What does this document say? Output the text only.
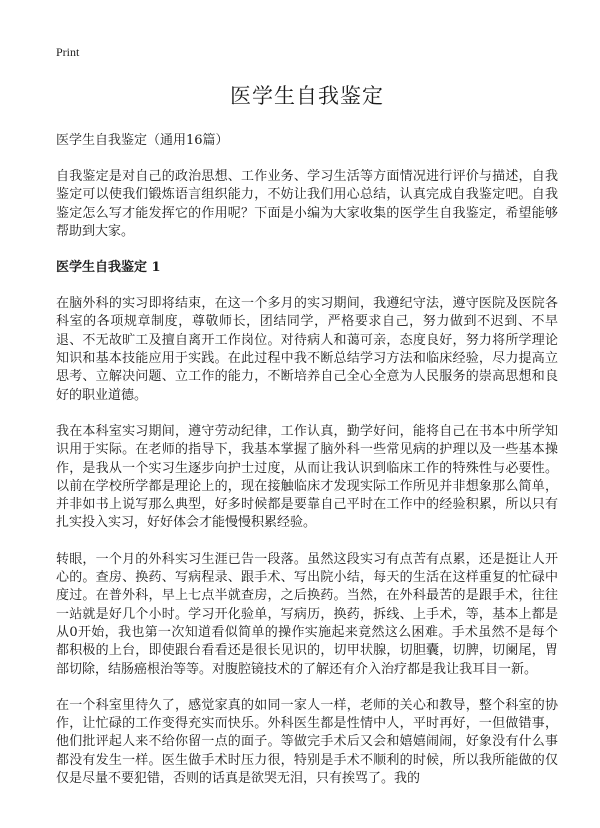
Print
医学生自我鉴定

医学生自我鉴定（通用16篇）

自我鉴定是对自己的政治思想、工作业务、学习生活等方面情况进行评价与描述，自我鉴定可以使我们锻炼语言组织能力，不妨让我们用心总结，认真完成自我鉴定吧。自我鉴定怎么写才能发挥它的作用呢？下面是小编为大家收集的医学生自我鉴定，希望能够帮助到大家。

医学生自我鉴定 1

在脑外科的实习即将结束，在这一个多月的实习期间，我遵纪守法，遵守医院及医院各科室的各项规章制度，尊敬师长，团结同学，严格要求自己，努力做到不迟到、不早退、不无故旷工及擅自离开工作岗位。对待病人和蔼可亲，态度良好，努力将所学理论知识和基本技能应用于实践。在此过程中我不断总结学习方法和临床经验，尽力提高立思考、立解决问题、立工作的能力，不断培养自己全心全意为人民服务的崇高思想和良好的职业道德。

我在本科室实习期间，遵守劳动纪律，工作认真，勤学好问，能将自己在书本中所学知识用于实际。在老师的指导下，我基本掌握了脑外科一些常见病的护理以及一些基本操作，是我从一个实习生逐步向护士过度，从而让我认识到临床工作的特殊性与必要性。以前在学校所学都是理论上的，现在接触临床才发现实际工作所见并非想象那么简单，并非如书上说写那么典型，好多时候都是要靠自己平时在工作中的经验积累，所以只有扎实投入实习，好好体会才能慢慢积累经验。

转眼，一个月的外科实习生涯已告一段落。虽然这段实习有点苦有点累，还是挺让人开心的。查房、换药、写病程录、跟手术、写出院小结，每天的生活在这样重复的忙碌中度过。在普外科，早上七点半就查房，之后换药。当然，在外科最苦的是跟手术，往往一站就是好几个小时。学习开化验单，写病历，换药，拆线、上手术，等，基本上都是从0开始，我也第一次知道看似简单的操作实施起来竟然这么困难。手术虽然不是每个都积极的上台，即使跟台看看还是很长见识的，切甲状腺，切胆囊，切脾，切阑尾，胃部切除，结肠癌根治等等。对腹腔镜技术的了解还有介入治疗都是我让我耳目一新。

在一个科室里待久了，感觉家真的如同一家人一样，老师的关心和教导，整个科室的协作，让忙碌的工作变得充实而快乐。外科医生都是性情中人，平时再好，一但做错事，他们批评起人来不给你留一点的面子。等做完手术后又会和嬉嬉闹闹，好象没有什么事都没有发生一样。医生做手术时压力很，特别是手术不顺利的时候，所以我所能做的仅仅是尽量不要犯错，否则的话真是欲哭无泪，只有挨骂了。我的
